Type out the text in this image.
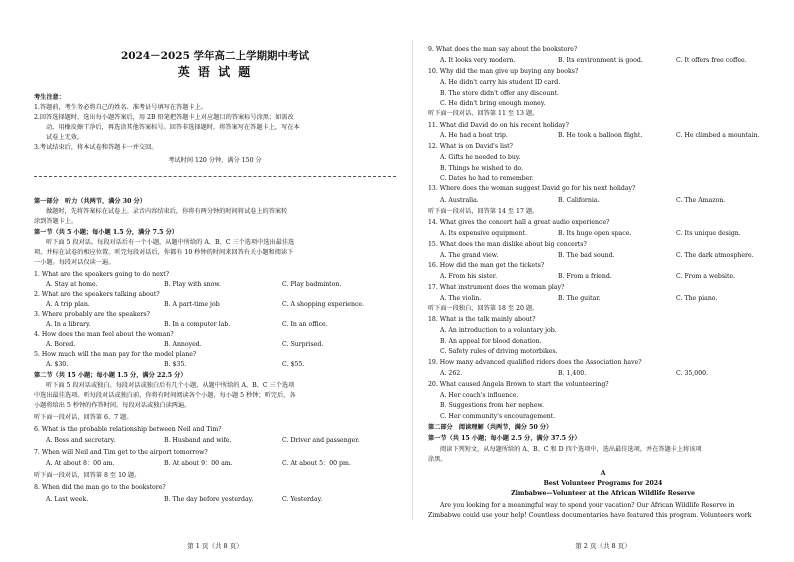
2024－2025 学年高二上学期期中考试
英 语 试 题
考生注意：
1.答题前，考生务必将自己的姓名、准考证号填写在答题卡上。
2.回答选择题时，选出每小题答案后，用 2B 铅笔把答题卡上对应题目的答案标号涂黑；如需改
动，用橡皮擦干净后，再选涂其他答案标号。回答非选择题时，将答案写在答题卡上，写在本
试卷上无效。
3.考试结束后，将本试卷和答题卡一并交回。
考试时间 120 分钟，满分 150 分
第一部分　听力（共两节，满分 30 分）
做题时，先将答案标在试卷上。录音内容结束后，你将有两分钟的时间将试卷上的答案转
涂到答题卡上。
第一节（共 5 小题；每小题 1.5 分，满分 7.5 分）
听下面 5 段对话。每段对话后有一个小题，从题中所给的 A、B、C 三个选项中选出最佳选
项，并标在试卷的相应位置。听完每段对话后，你都有 10 秒钟的时间来回答有关小题和阅读下
一小题。每段对话仅读一遍。
1. What are the speakers going to do next?
A. Stay at home.	B. Play with snow.	C. Play badminton.
2. What are the speakers talking about?
A. A trip plan.	B. A part-time job	C. A shopping experience.
3. Where probably are the speakers?
A. In a library.	B. In a computer lab.	C. In an office.
4. How does the man feel about the woman?
A. Bored.	B. Annoyed.	C. Surprised.
5. How much will the man pay for the model plane?
A. $30.	B. $35.	C. $55.
第二节（共 15 小题；每小题 1.5 分，满分 22.5 分）
听下面 5 段对话或独白。每段对话或独白后有几个小题，从题中所给的 A、B、C 三个选项
中选出最佳选项。听每段对话或独白前，你将有时间阅读各个小题，每小题 5 秒钟；听完后，各
小题将给出 5 秒钟的作答时间。每段对话或独白读两遍。
听下面一段对话，回答第 6、7 题。
6. What is the probable relationship between Neil and Tim?
A. Boss and secretary.	B. Husband and wife.	C. Driver and passenger.
7. When will Neil and Tim get to the airport tomorrow?
A. At about 8：00 am.	B. At about 9：00 am.	C. At about 5：00 pm.
听下面一段对话，回答第 8 至 10 题。
8. When did the man go to the bookstore?
A. Last week.	B. The day before yesterday.	C. Yesterday.
第 1 页（共 8 页）
9. What does the man say about the bookstore?
A. It looks very modern.	B. Its environment is good.	C. It offers free coffee.
10. Why did the man give up buying any books?
A. He didn't carry his student ID card.
B. The store didn't offer any discount.
C. He didn't bring enough money.
听下面一段对话，回答第 11 至 13 题。
11. What did David do on his recent holiday?
A. He had a boat trip.	B. He took a balloon flight.	C. He climbed a mountain.
12. What is on David's list?
A. Gifts he needed to buy.
B. Things he wished to do.
C. Dates he had to remember.
13. Where does the woman suggest David go for his next holiday?
A. Australia.	B. California.	C. The Amazon.
听下面一段对话，回答第 14 至 17 题。
14. What gives the concert hall a great audio experience?
A. Its expensive equipment.	B. Its huge open space.	C. Its unique design.
15. What does the man dislike about big concerts?
A. The grand view.	B. The bad sound.	C. The dark atmosphere.
16. How did the man get the tickets?
A. From his sister.	B. From a friend.	C. From a website.
17. What instrument does the woman play?
A. The violin.	B. The guitar.	C. The piano.
听下面一段独白，回答第 18 至 20 题。
18. What is the talk mainly about?
A. An introduction to a voluntary job.
B. An appeal for blood donation.
C. Safety rules of driving motorbikes.
19. How many advanced qualified riders does the Association have?
A. 262.	B. 1,400.	C. 35,000.
20. What caused Angela Brown to start the volunteering?
A. Her coach's influence.
B. Suggestions from her nephew.
C. Her community's encouragement.
第二部分　阅读理解（共两节，满分 50 分）
第一节（共 15 小题；每小题 2.5 分，满分 37.5 分）
阅读下列短文，从每题所给的 A、B、C 和 D 四个选项中，选出最佳选项，并在答题卡上将该项
涂黑。
A
Best Volunteer Programs for 2024
Zimbabwe—Volunteer at the African Wildlife Reserve
Are you looking for a meaningful way to spend your vacation? Our African Wildlife Reserve in
Zimbabwe could use your help! Countless documentaries have featured this program. Volunteers work
第 2 页（共 8 页）
